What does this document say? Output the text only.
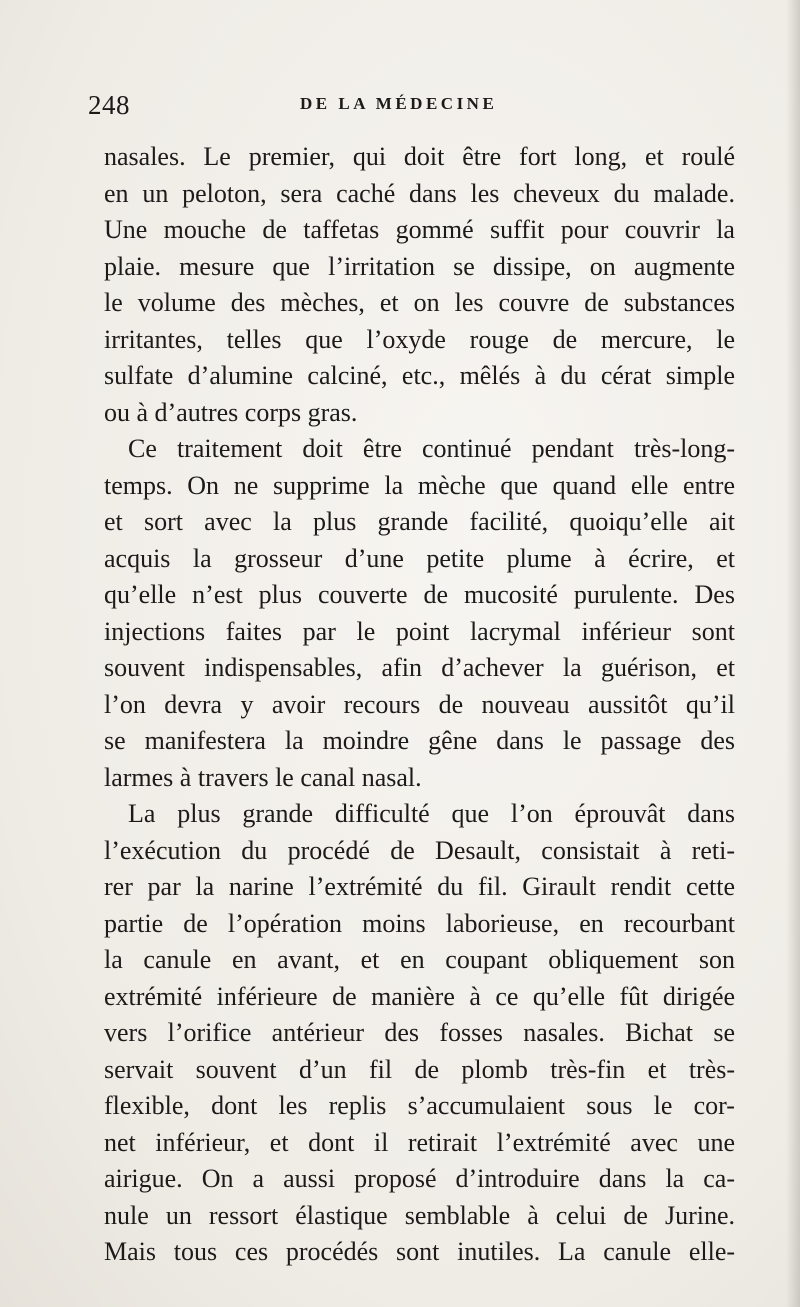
248	DE LA MÉDECINE
nasales. Le premier, qui doit être fort long, et roulé
en un peloton, sera caché dans les cheveux du malade.
Une mouche de taffetas gommé suffit pour couvrir la
plaie. mesure que l’irritation se dissipe, on augmente
le volume des mèches, et on les couvre de substances
irritantes, telles que l’oxyde rouge de mercure, le
sulfate d’alumine calciné, etc., mêlés à du cérat simple
ou à d’autres corps gras.
Ce traitement doit être continué pendant très-long-
temps. On ne supprime la mèche que quand elle entre
et sort avec la plus grande facilité, quoiqu’elle ait
acquis la grosseur d’une petite plume à écrire, et
qu’elle n’est plus couverte de mucosité purulente. Des
injections faites par le point lacrymal inférieur sont
souvent indispensables, afin d’achever la guérison, et
l’on devra y avoir recours de nouveau aussitôt qu’il
se manifestera la moindre gêne dans le passage des
larmes à travers le canal nasal.
La plus grande difficulté que l’on éprouvât dans
l’exécution du procédé de Desault, consistait à reti-
rer par la narine l’extrémité du fil. Girault rendit cette
partie de l’opération moins laborieuse, en recourbant
la canule en avant, et en coupant obliquement son
extrémité inférieure de manière à ce qu’elle fût dirigée
vers l’orifice antérieur des fosses nasales. Bichat se
servait souvent d’un fil de plomb très-fin et très-
flexible, dont les replis s’accumulaient sous le cor-
net inférieur, et dont il retirait l’extrémité avec une
airigue. On a aussi proposé d’introduire dans la ca-
nule un ressort élastique semblable à celui de Jurine.
Mais tous ces procédés sont inutiles. La canule elle-
